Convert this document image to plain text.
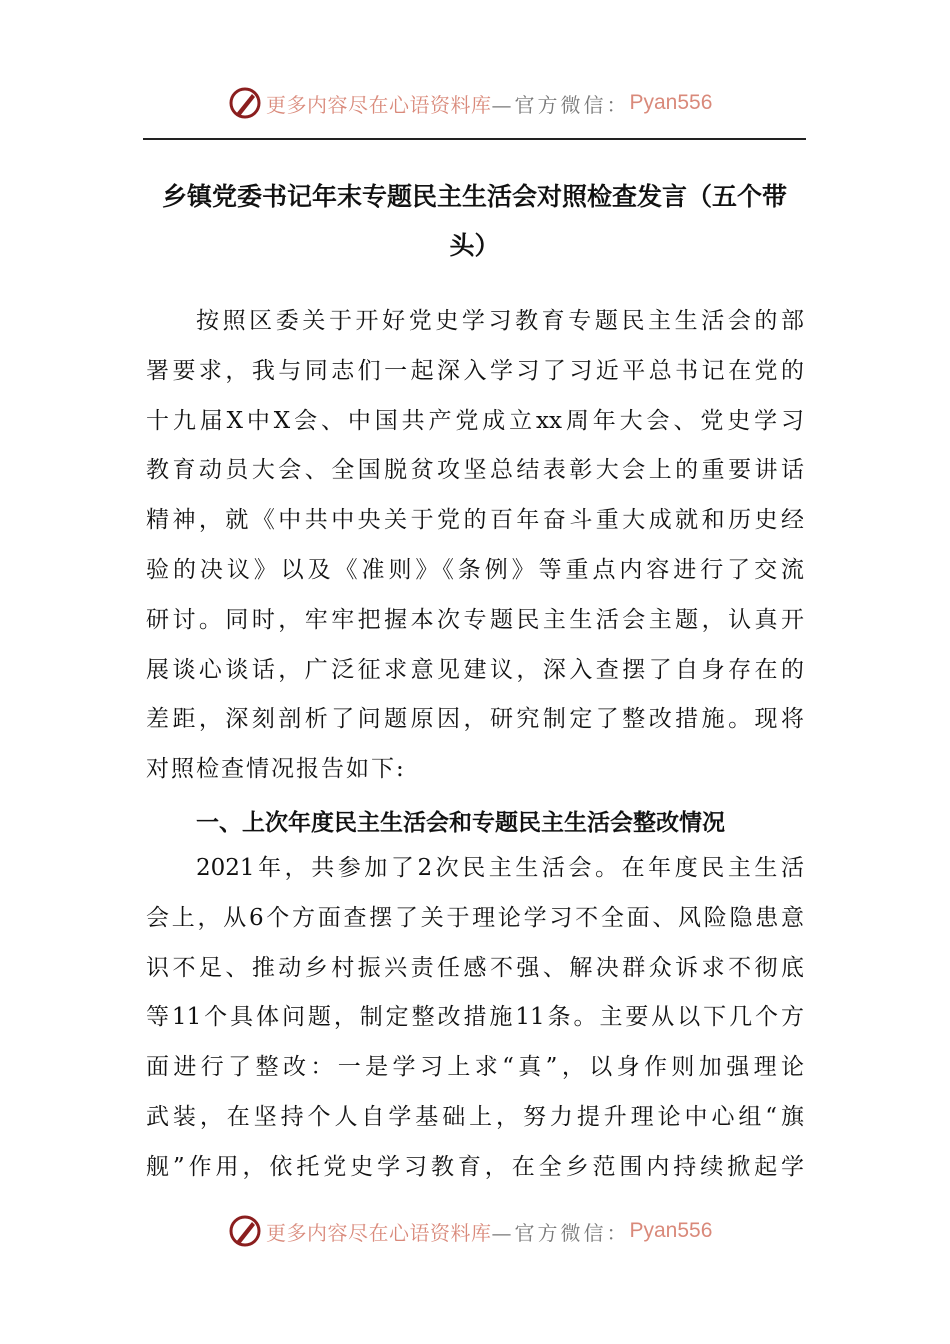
更多内容尽在心语资料库 —官方微信： Pyan556
乡镇党委书记年末专题民主生活会对照检查发言（五个带
头）
按照区委关于开好党史学习教育专题民主生活会的部
署要求，我与同志们一起深入学习了习近平总书记在党的
十九届X中X会、中国共产党成立xx周年大会、党史学习
教育动员大会、全国脱贫攻坚总结表彰大会上的重要讲话
精神，就《中共中央关于党的百年奋斗重大成就和历史经
验的决议》以及《准则》《条例》等重点内容进行了交流
研讨。同时，牢牢把握本次专题民主生活会主题，认真开
展谈心谈话，广泛征求意见建议，深入查摆了自身存在的
差距，深刻剖析了问题原因，研究制定了整改措施。现将
对照检查情况报告如下:
一、上次年度民主生活会和专题民主生活会整改情况
2021年，共参加了2次民主生活会。在年度民主生活
会上，从6个方面查摆了关于理论学习不全面、风险隐患意
识不足、推动乡村振兴责任感不强、解决群众诉求不彻底
等11个具体问题，制定整改措施11条。主要从以下几个方
面进行了整改：一是学习上求“真”，以身作则加强理论
武装，在坚持个人自学基础上，努力提升理论中心组“旗
舰”作用，依托党史学习教育，在全乡范围内持续掀起学
更多内容尽在心语资料库 —官方微信： Pyan556
